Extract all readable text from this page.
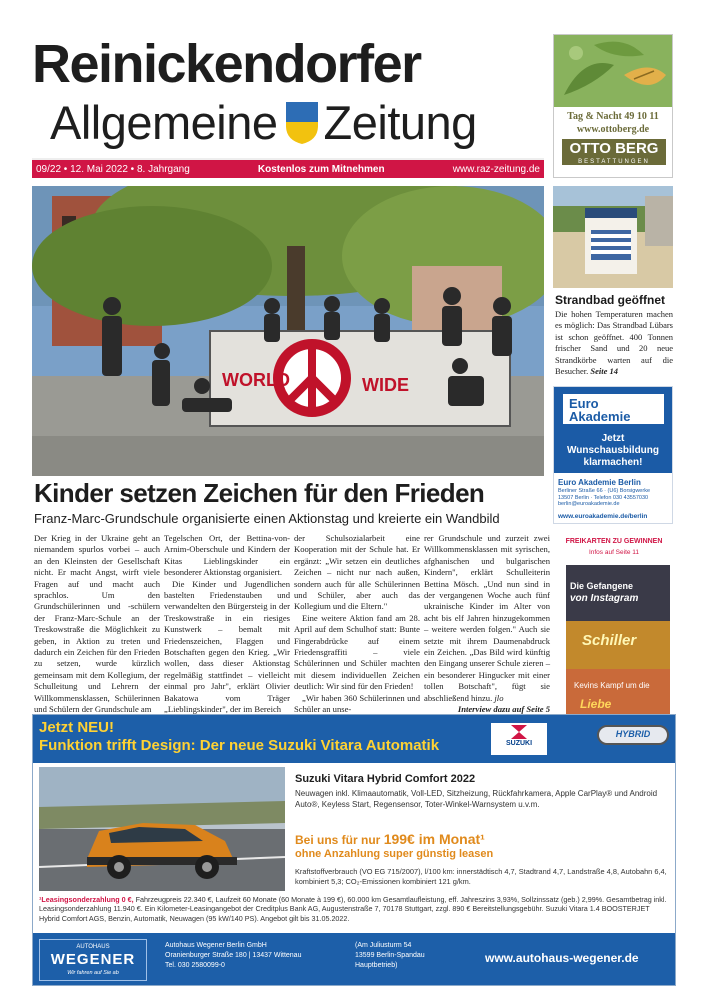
Reinickendorfer
Allgemeine Zeitung
09/22 • 12. Mai 2022 • 8. Jahrgang	Kostenlos zum Mitnehmen	www.raz-zeitung.de
Tag & Nacht 49 10 11
www.ottoberg.de
OTTO BERG
BESTATTUNGEN
WORLD	WIDE
Strandbad geöffnet
Die hohen Temperaturen machen es möglich: Das Strandbad Lübars ist schon geöffnet. 400 Tonnen frischer Sand und 20 neue Strandkörbe warten auf die Besucher. Seite 14
Euro
Akademie
Jetzt
Wunschausbildung
klarmachen!
Euro Akademie Berlin
Berliner Straße 66 · (U6) Borsigwerke
13507 Berlin · Telefon 030 43557030
berlin@euroakademie.de
www.euroakademie.de/berlin
Kinder setzen Zeichen für den Frieden
Franz-Marc-Grundschule organisierte einen Aktionstag und kreierte ein Wandbild

Der Krieg in der Ukraine geht an niemandem spurlos vorbei – auch an den Kleinsten der Gesellschaft nicht. Er macht Angst, wirft viele Fragen auf und macht auch sprachlos. Um den Grundschülerinnen und -schülern der Franz-Marc-Schule an der Treskowstraße die Möglichkeit zu geben, in Aktion zu treten und dadurch ein Zeichen für den Frieden zu setzen, wurde kürzlich gemeinsam mit dem Kollegium, der Schulleitung und Lehrern der Willkommensklassen, Schülerinnen und Schülern der Grundschule am

Tegelschen Ort, der Bettina-von-Arnim-Oberschule und Kindern der Kitas Lieblingskinder ein besonderer Aktionstag organisiert.

Die Kinder und Jugendlichen bastelten Friedenstauben und verwandelten den Bürgersteig in der Treskowstraße in ein riesiges Kunstwerk – bemalt mit Friedenszeichen, Flaggen und Botschaften gegen den Krieg. „Wir wollen, dass dieser Aktionstag regelmäßig stattfindet – vielleicht einmal pro Jahr", erklärt Olivier Bakatowa vom Träger „Lieblingskinder", der im Bereich

der Schulsozialarbeit eine Kooperation mit der Schule hat. Er ergänzt: „Wir setzen ein deutliches Zeichen – nicht nur nach außen, sondern auch für alle Schülerinnen und Schüler, aber auch das Kollegium und die Eltern."

Eine weitere Aktion fand am 28. April auf dem Schulhof statt: Bunte Fingerabdrücke auf einem Friedensgraffiti – viele Schülerinnen und Schüler machten mit diesem individuellen Zeichen deutlich: Wir sind für den Frieden!

„Wir haben 360 Schülerinnen und Schüler an unse-

rer Grundschule und zurzeit zwei Willkommensklassen mit syrischen, afghanischen und bulgarischen Kindern", erklärt Schulleiterin Bettina Mösch. „Und nun sind in der vergangenen Woche auch fünf ukrainische Kinder im Alter von acht bis elf Jahren hinzugekommen – weitere werden folgen." Auch sie setzte mit ihrem Daumenabdruck ein Zeichen. „Das Bild wird künftig den Eingang unserer Schule zieren – ein besonderer Hingucker mit einer tollen Botschaft", fügt sie abschließend hinzu. jlo

Interview dazu auf Seite 5
FREIKARTEN ZU GEWINNEN
Infos auf Seite 11
Die Gefangene
von Instagram
Schiller
Kevins Kampf um die
Liebe
Jetzt NEU!
Funktion trifft Design: Der neue Suzuki Vitara Automatik	SUZUKI
HYBRID
Suzuki Vitara Hybrid Comfort 2022
Neuwagen inkl. Klimaautomatik, Voll-LED, Sitzheizung, Rückfahrkamera, Apple CarPlay® und Android Auto®, Keyless Start, Regensensor, Toter-Winkel-Warnsystem u.v.m.
Bei uns für nur 199€ im Monat¹
ohne Anzahlung super günstig leasen
Kraftstoffverbrauch (VO EG 715/2007), l/100 km: innerstädtisch 4,7, Stadtrand 4,7, Landstraße 4,8, Autobahn 6,4, kombiniert 5,3; CO₂-Emissionen kombiniert 121 g/km.
¹Leasingsonderzahlung 0 €, Fahrzeugpreis 22.340 €, Laufzeit 60 Monate (60 Monate à 199 €), 60.000 km Gesamtlaufleistung, eff. Jahreszins 3,93%, Sollzinssatz (geb.) 2,99%. Gesamtbetrag inkl. Leasingsonderzahlung 11.940 €. Ein Kilometer-Leasingangebot der Creditplus Bank AG, Augustenstraße 7, 70178 Stuttgart, zzgl. 890 € Bereitstellungsgebühr. Suzuki Vitara 1.4 BOOSTERJET Hybrid Comfort AGS, Benzin, Automatik, Neuwagen (95 kW/140 PS). Angebot gilt bis 31.05.2022.
AUTOHAUS
WEGENER
Wir fahren auf Sie ab
Autohaus Wegener Berlin GmbH
Oranienburger Straße 180 | 13437 Wittenau
Tel. 030 2580099-0
(Am Juliusturm 54
13599 Berlin-Spandau
Hauptbetrieb)
www.autohaus-wegener.de
